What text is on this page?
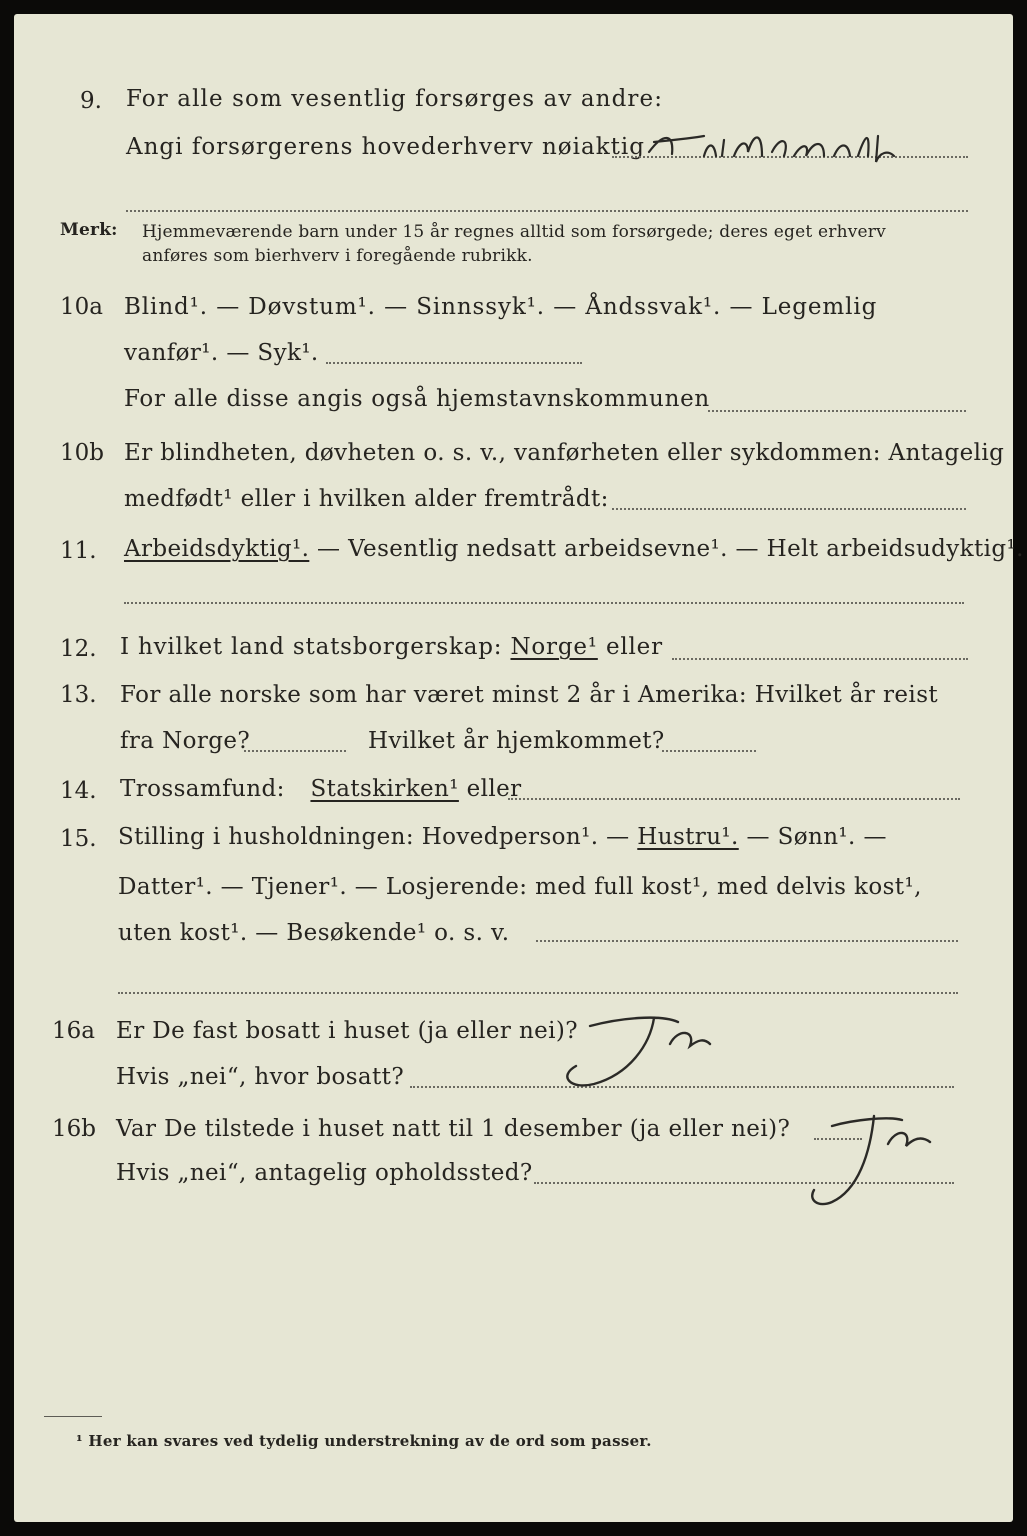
9. For alle som vesentlig forsørges av andre:
Angi forsørgerens hovederhverv nøiaktig
Fiskehandel
Merk: Hjemmeværende barn under 15 år regnes alltid som forsørgede; deres eget erhverv
anføres som bierhverv i foregående rubrikk.
10a Blind¹. — Døvstum¹. — Sinnssyk¹. — Åndssvak¹. — Legemlig
vanfør¹. — Syk¹.
For alle disse angis også hjemstavnskommunen
10b Er blindheten, døvheten o. s. v., vanførheten eller sykdommen: Antagelig
medfødt¹ eller i hvilken alder fremtrådt:
11. Arbeidsdyktig¹. — Vesentlig nedsatt arbeidsevne¹. — Helt arbeidsudyktig¹.
12. I hvilket land statsborgerskap: Norge¹ eller
13. For alle norske som har været minst 2 år i Amerika: Hvilket år reist
fra Norge?	Hvilket år hjemkommet?
14. Trossamfund: Statskirken¹ eller
15. Stilling i husholdningen: Hovedperson¹. — Hustru¹. — Sønn¹. —
Datter¹. — Tjener¹. — Losjerende: med full kost¹, med delvis kost¹,
uten kost¹. — Besøkende¹ o. s. v.
16a Er De fast bosatt i huset (ja eller nei)?
Hvis „nei“, hvor bosatt?
Ja
16b Var De tilstede i huset natt til 1 desember (ja eller nei)?
Hvis „nei“, antagelig opholdssted?
Ja
¹ Her kan svares ved tydelig understrekning av de ord som passer.
